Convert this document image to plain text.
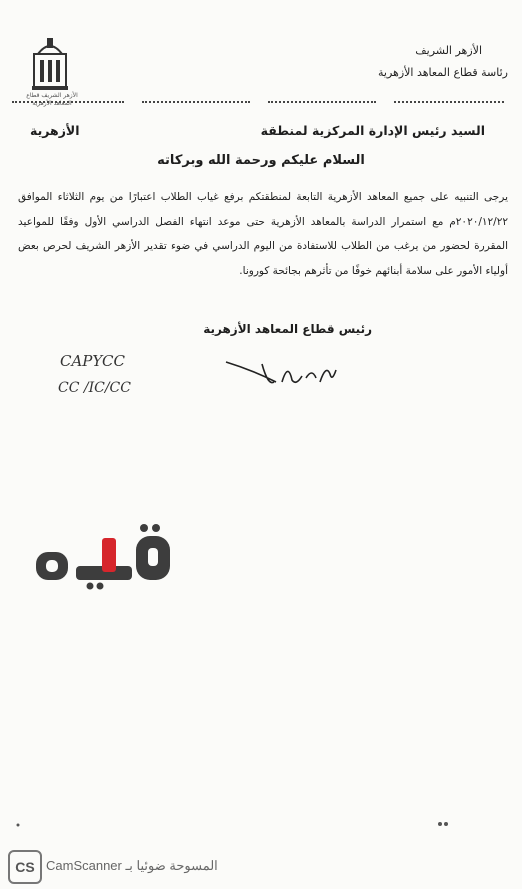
الأزهر الشريف قطاع المعاهد الأزهرية
الأزهر الشريف
رئاسة قطاع المعاهد الأزهرية
السيد رئيس الإدارة المركزية لمنطقة
الأزهرية
السلام عليكم ورحمة الله وبركاته
يرجى التنبيه على جميع المعاهد الأزهرية التابعة لمنطقتكم برفع غياب الطلاب اعتبارًا من يوم الثلاثاء الموافق ٢٠٢٠/١٢/٢٢م مع استمرار الدراسة بالمعاهد الأزهرية حتى موعد انتهاء الفصل الدراسي الأول وفقًا للمواعيد المقررة لحضور من يرغب من الطلاب للاستفادة من اليوم الدراسي في ضوء تقدير الأزهر الشريف لحرص بعض أولياء الأمور على سلامة أبنائهم خوفًا من تأثرهم بجائحة كورونا.
رئيس قطاع المعاهد الأزهرية
CAPYCC
CC /IC/CC
CS CamScanner المسوحة ضوئيا بـ
